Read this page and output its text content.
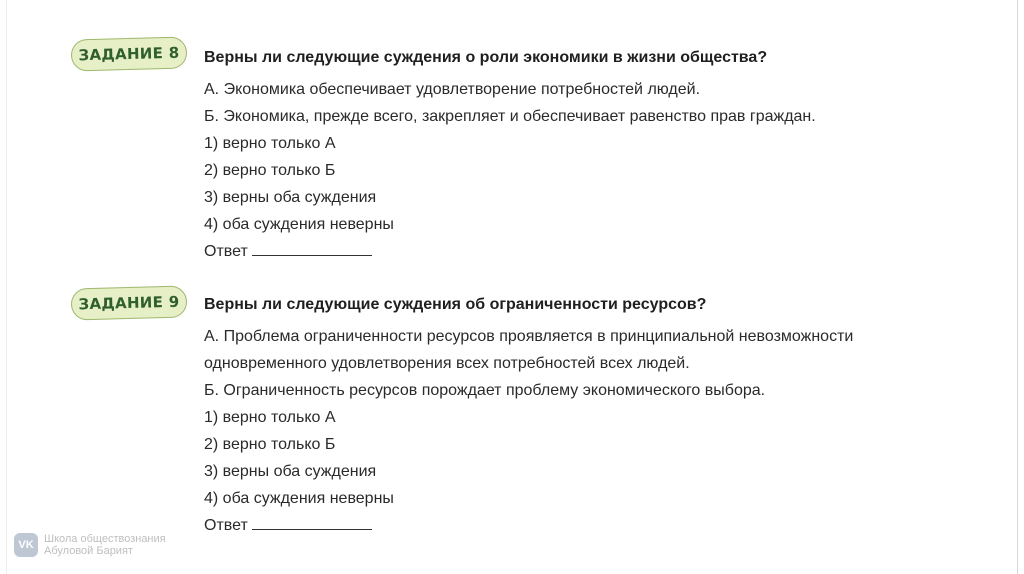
ЗАДАНИЕ 8	Верны ли следующие суждения о роли экономики в жизни общества?

А. Экономика обеспечивает удовлетворение потребностей людей.

Б. Экономика, прежде всего, закрепляет и обеспечивает равенство прав граждан.

1) верно только А

2) верно только Б

3) верны оба суждения

4) оба суждения неверны

Ответ

ЗАДАНИЕ 9	Верны ли следующие суждения об ограниченности ресурсов?

А. Проблема ограниченности ресурсов проявляется в принципиальной невозможности

одновременного удовлетворения всех потребностей всех людей.

Б. Ограниченность ресурсов порождает проблему экономического выбора.

1) верно только А

2) верно только Б

3) верны оба суждения

4) оба суждения неверны

Ответ

VK Школа обществознания
Абуловой Барият
